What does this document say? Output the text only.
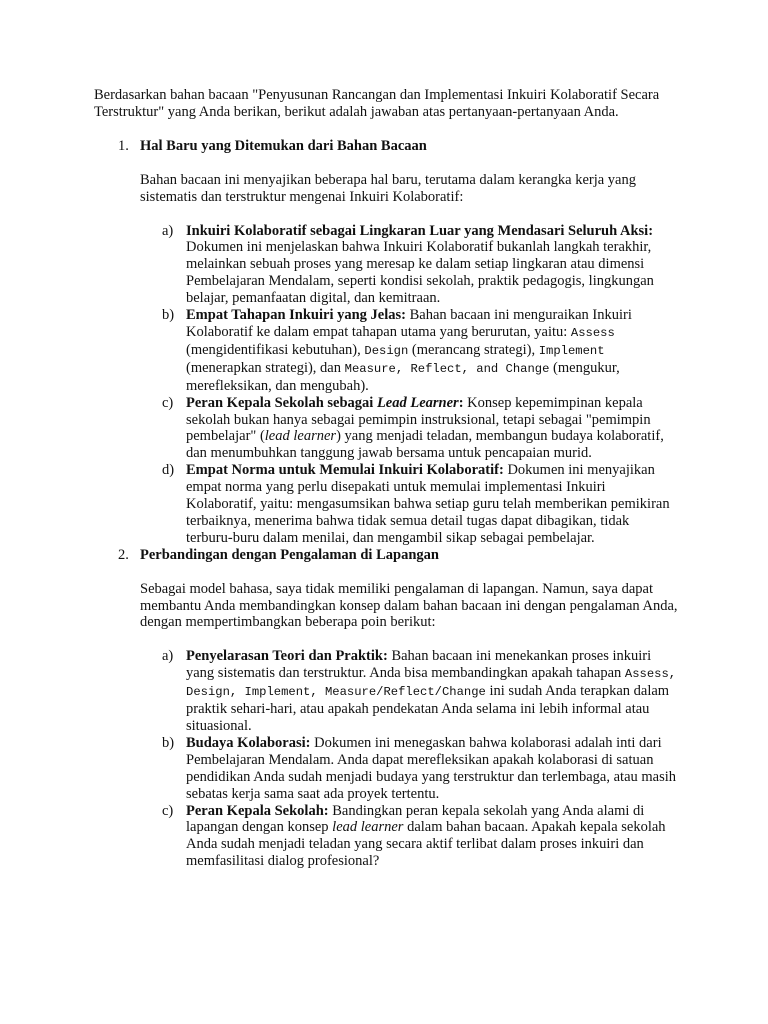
Berdasarkan bahan bacaan "Penyusunan Rancangan dan Implementasi Inkuiri Kolaboratif Secara Terstruktur" yang Anda berikan, berikut adalah jawaban atas pertanyaan-pertanyaan Anda.

1. Hal Baru yang Ditemukan dari Bahan Bacaan

Bahan bacaan ini menyajikan beberapa hal baru, terutama dalam kerangka kerja yang sistematis dan terstruktur mengenai Inkuiri Kolaboratif:

a) Inkuiri Kolaboratif sebagai Lingkaran Luar yang Mendasari Seluruh Aksi: Dokumen ini menjelaskan bahwa Inkuiri Kolaboratif bukanlah langkah terakhir, melainkan sebuah proses yang meresap ke dalam setiap lingkaran atau dimensi Pembelajaran Mendalam, seperti kondisi sekolah, praktik pedagogis, lingkungan belajar, pemanfaatan digital, dan kemitraan.
b) Empat Tahapan Inkuiri yang Jelas: Bahan bacaan ini menguraikan Inkuiri Kolaboratif ke dalam empat tahapan utama yang berurutan, yaitu: Assess (mengidentifikasi kebutuhan), Design (merancang strategi), Implement (menerapkan strategi), dan Measure, Reflect, and Change (mengukur, merefleksikan, dan mengubah).
c) Peran Kepala Sekolah sebagai Lead Learner: Konsep kepemimpinan kepala sekolah bukan hanya sebagai pemimpin instruksional, tetapi sebagai "pemimpin pembelajar" (lead learner) yang menjadi teladan, membangun budaya kolaboratif, dan menumbuhkan tanggung jawab bersama untuk pencapaian murid.
d) Empat Norma untuk Memulai Inkuiri Kolaboratif: Dokumen ini menyajikan empat norma yang perlu disepakati untuk memulai implementasi Inkuiri Kolaboratif, yaitu: mengasumsikan bahwa setiap guru telah memberikan pemikiran terbaiknya, menerima bahwa tidak semua detail tugas dapat dibagikan, tidak terburu-buru dalam menilai, dan mengambil sikap sebagai pembelajar.
2. Perbandingan dengan Pengalaman di Lapangan

Sebagai model bahasa, saya tidak memiliki pengalaman di lapangan. Namun, saya dapat membantu Anda membandingkan konsep dalam bahan bacaan ini dengan pengalaman Anda, dengan mempertimbangkan beberapa poin berikut:

a) Penyelarasan Teori dan Praktik: Bahan bacaan ini menekankan proses inkuiri yang sistematis dan terstruktur. Anda bisa membandingkan apakah tahapan Assess, Design, Implement, Measure/Reflect/Change ini sudah Anda terapkan dalam praktik sehari-hari, atau apakah pendekatan Anda selama ini lebih informal atau situasional.
b) Budaya Kolaborasi: Dokumen ini menegaskan bahwa kolaborasi adalah inti dari Pembelajaran Mendalam. Anda dapat merefleksikan apakah kolaborasi di satuan pendidikan Anda sudah menjadi budaya yang terstruktur dan terlembaga, atau masih sebatas kerja sama saat ada proyek tertentu.
c) Peran Kepala Sekolah: Bandingkan peran kepala sekolah yang Anda alami di lapangan dengan konsep lead learner dalam bahan bacaan. Apakah kepala sekolah Anda sudah menjadi teladan yang secara aktif terlibat dalam proses inkuiri dan memfasilitasi dialog profesional?
